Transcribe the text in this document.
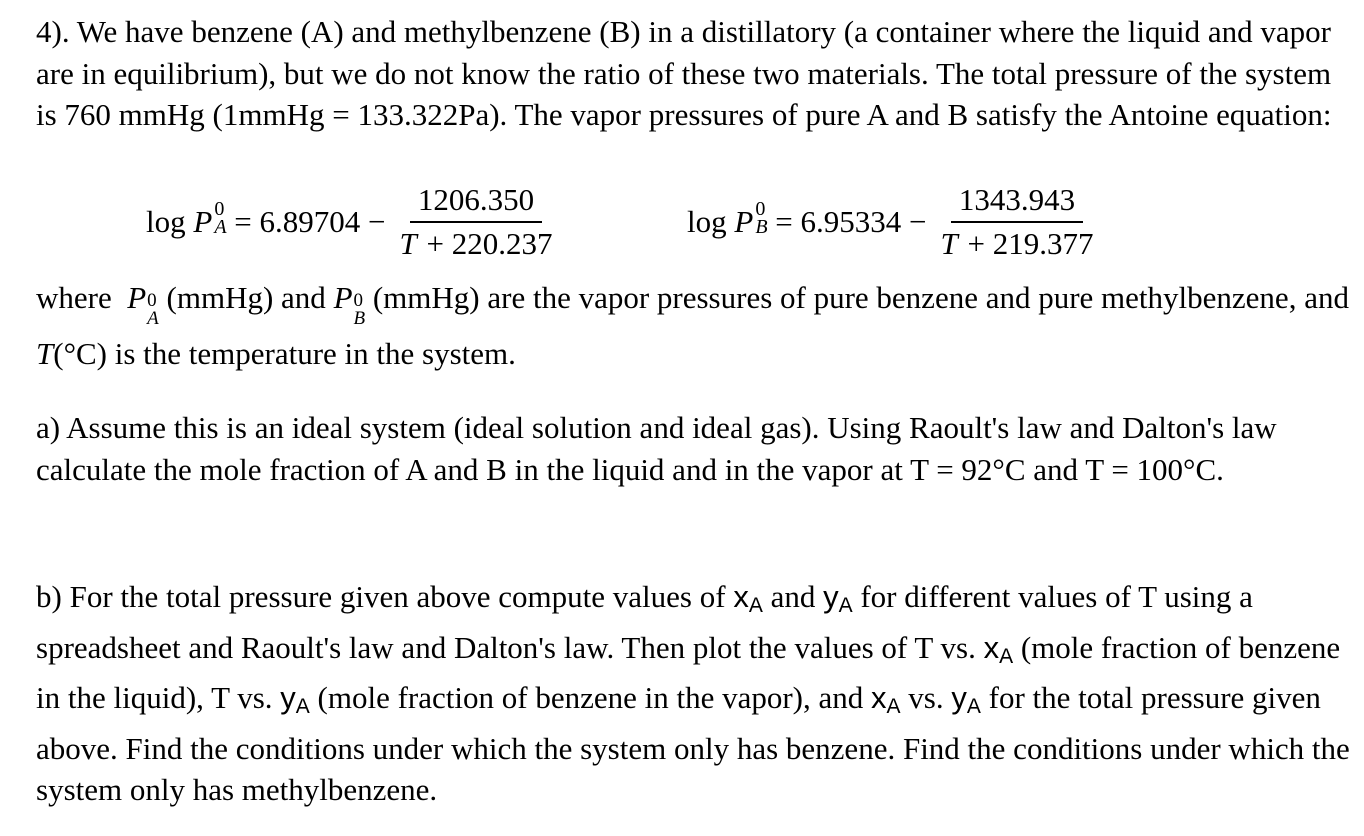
4). We have benzene (A) and methylbenzene (B) in a distillatory (a container where the liquid and vapor are in equilibrium), but we do not know the ratio of these two materials. The total pressure of the system is 760 mmHg (1mmHg = 133.322Pa). The vapor pressures of pure A and B satisfy the Antoine equation:

log
P 0
A
= $6.89704 - \frac{1206.350}{T + 220.237}$	log
P 0
B
= $6.95334 - \frac{1343.943}{T + 219.377}$

where P 0
A
(mmHg) and P 0
B
(mmHg) are the vapor pressures of pure benzene and pure methylbenzene, and T(°C) is the temperature in the system.

a) Assume this is an ideal system (ideal solution and ideal gas). Using Raoult's law and Dalton's law calculate the mole fraction of A and B in the liquid and in the vapor at T = 92°C and T = 100°C.

b) For the total pressure given above compute values of xA and yA for different values of T using a spreadsheet and Raoult's law and Dalton's law. Then plot the values of T vs. xA (mole fraction of benzene in the liquid), T vs. yA (mole fraction of benzene in the vapor), and xA vs. yA for the total pressure given above. Find the conditions under which the system only has benzene. Find the conditions under which the system only has methylbenzene.
